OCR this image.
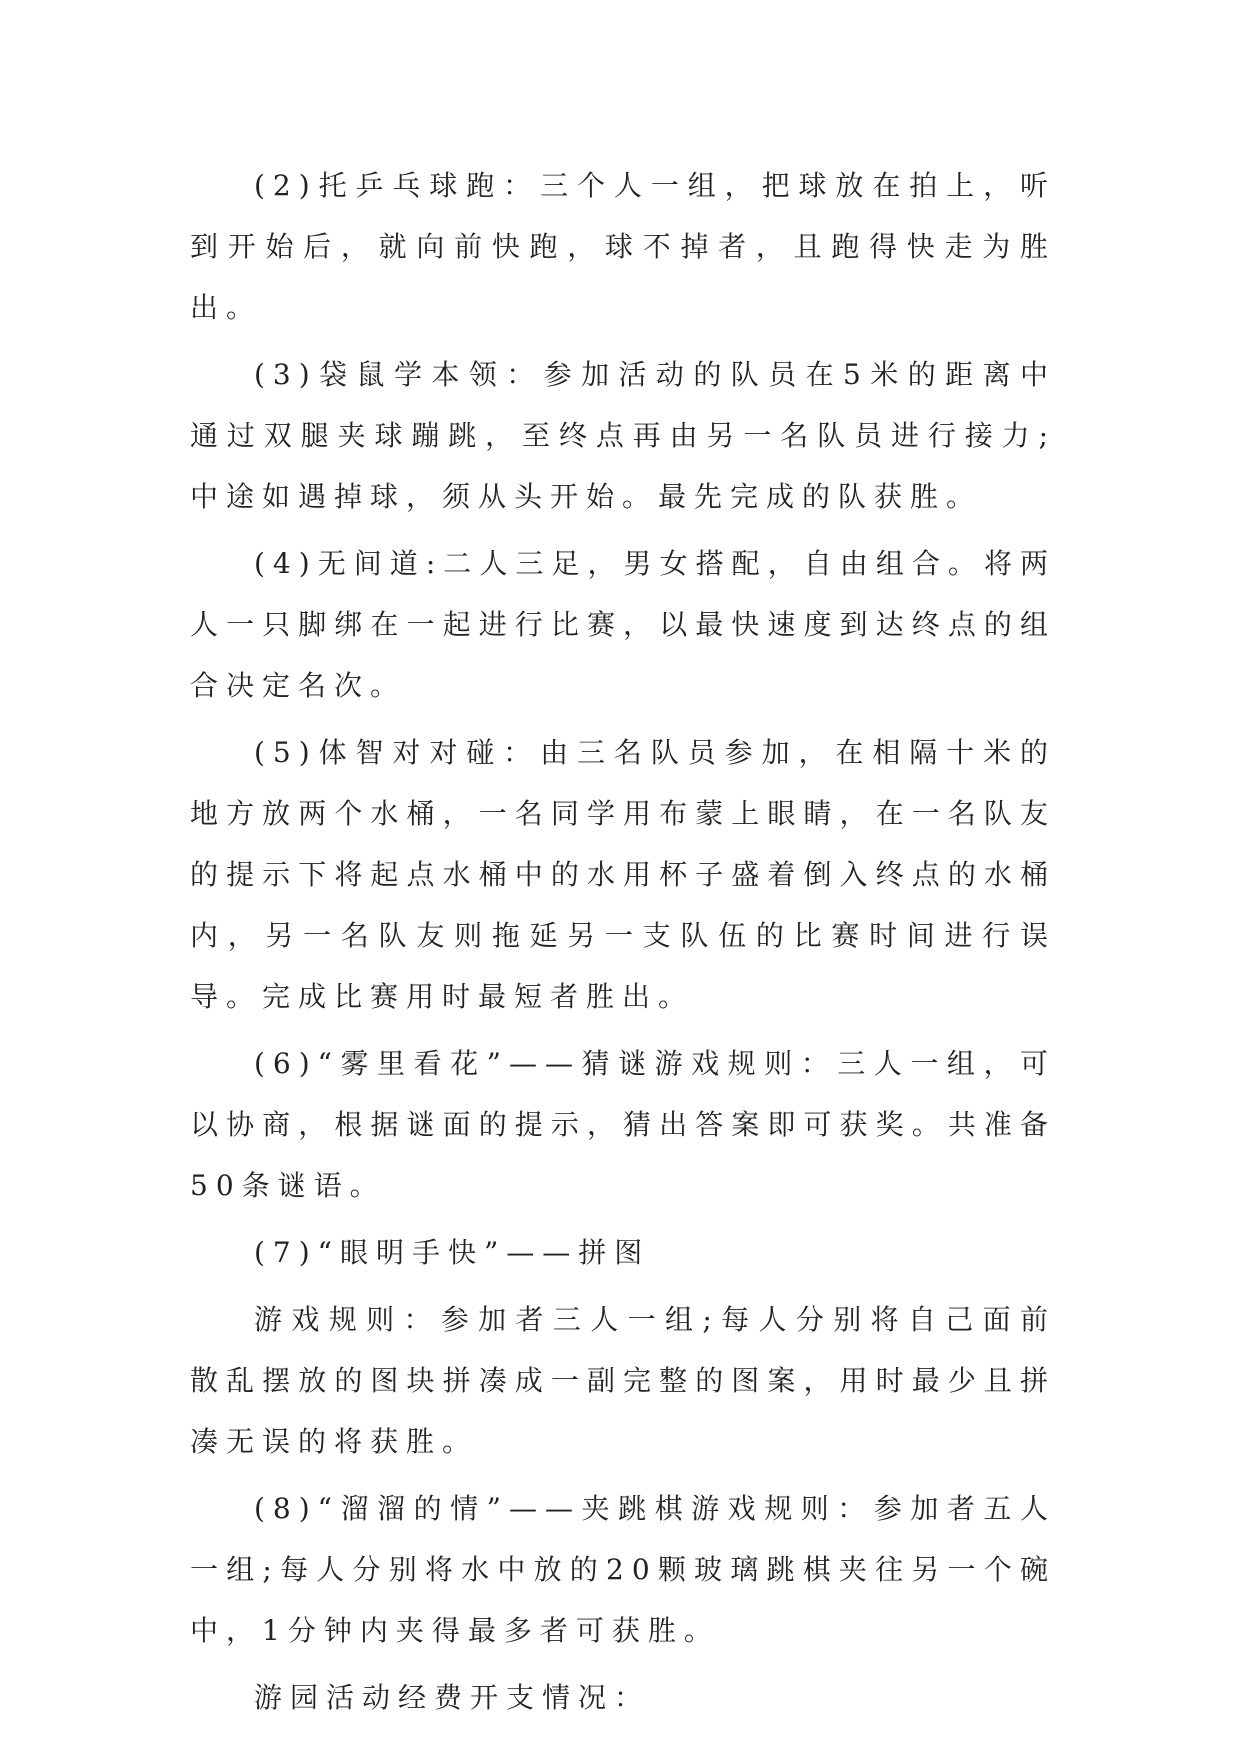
(2)托乒乓球跑：三个人一组，把球放在拍上，听到开始后，就向前快跑，球不掉者，且跑得快走为胜出。

(3)袋鼠学本领：参加活动的队员在5米的距离中通过双腿夹球蹦跳，至终点再由另一名队员进行接力;中途如遇掉球，须从头开始。最先完成的队获胜。

(4)无间道:二人三足，男女搭配，自由组合。将两人一只脚绑在一起进行比赛，以最快速度到达终点的组合决定名次。

(5)体智对对碰：由三名队员参加，在相隔十米的地方放两个水桶，一名同学用布蒙上眼睛，在一名队友的提示下将起点水桶中的水用杯子盛着倒入终点的水桶内，另一名队友则拖延另一支队伍的比赛时间进行误导。完成比赛用时最短者胜出。

(6)“雾里看花”——猜谜游戏规则：三人一组，可以协商，根据谜面的提示，猜出答案即可获奖。共准备50条谜语。

(7)“眼明手快”——拼图

游戏规则：参加者三人一组;每人分别将自己面前散乱摆放的图块拼凑成一副完整的图案，用时最少且拼凑无误的将获胜。

(8)“溜溜的情”——夹跳棋游戏规则：参加者五人一组;每人分别将水中放的20颗玻璃跳棋夹往另一个碗中，1分钟内夹得最多者可获胜。

游园活动经费开支情况：
